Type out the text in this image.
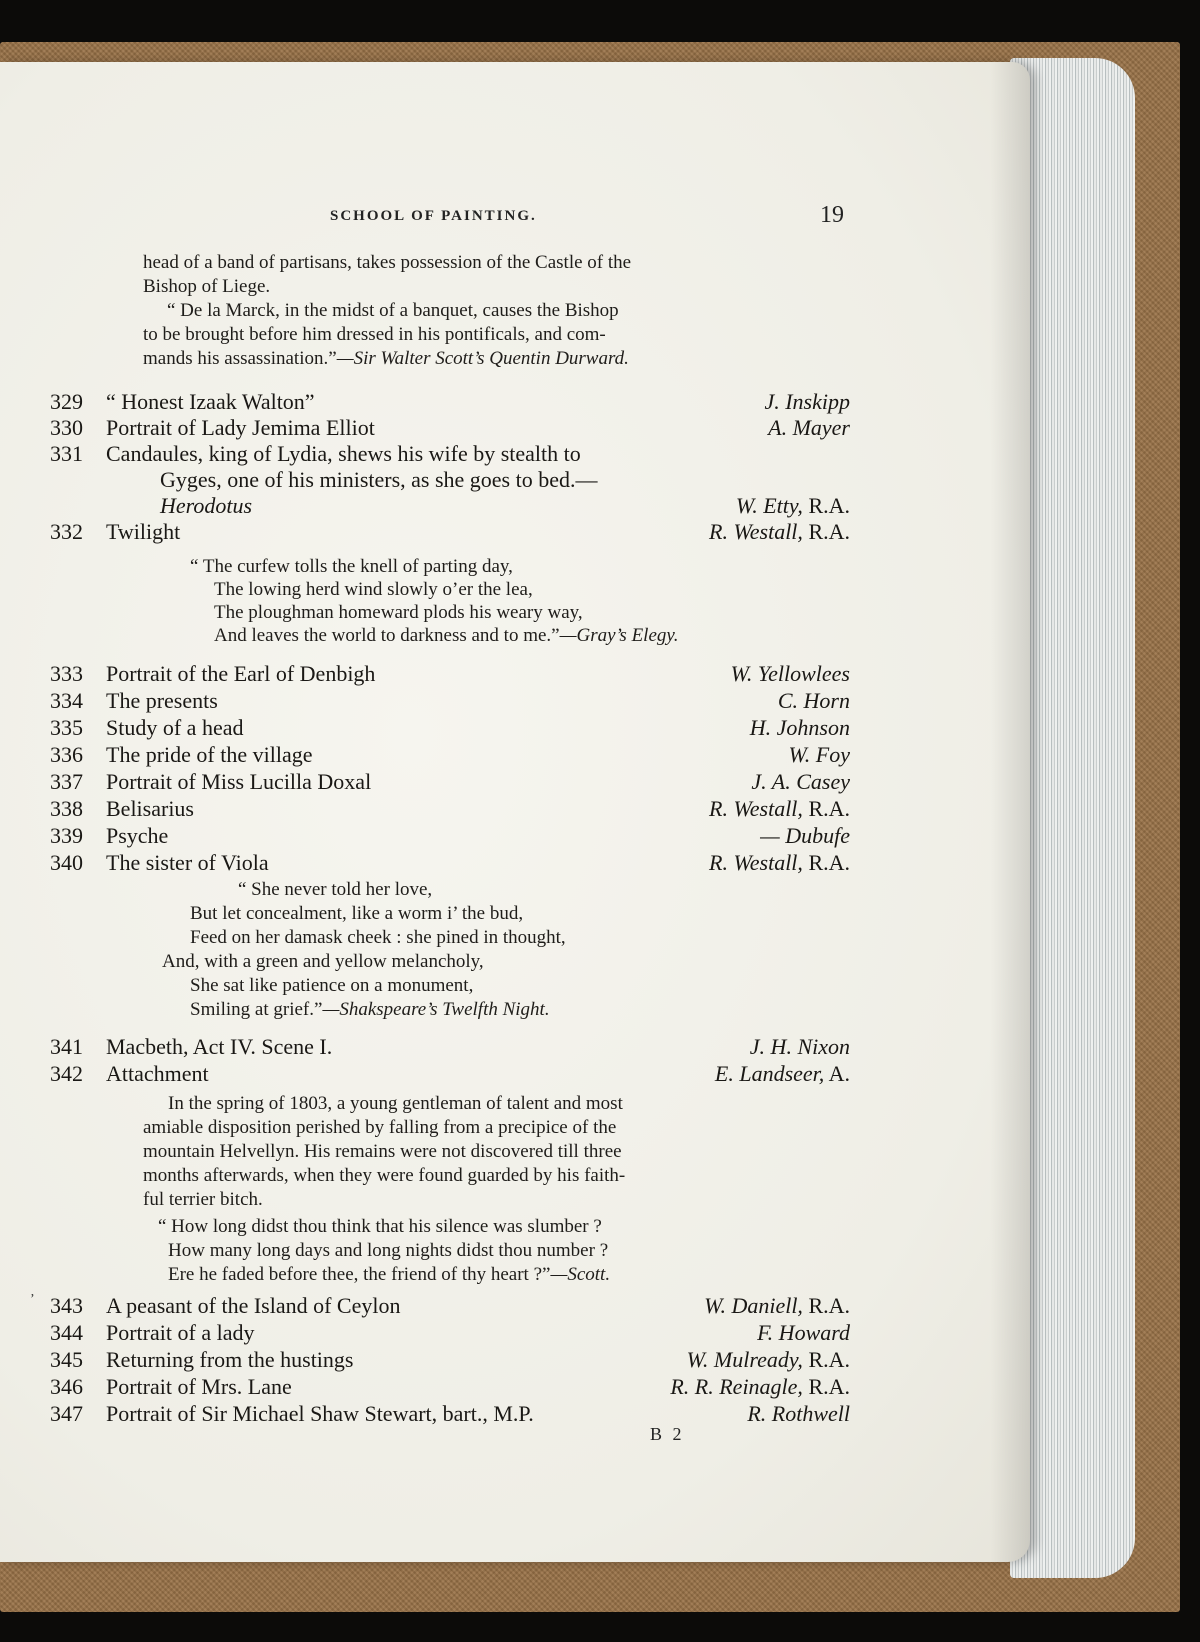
SCHOOL OF PAINTING.	19
head of a band of partisans, takes possession of the Castle of the
Bishop of Liege.
“ De la Marck, in the midst of a banquet, causes the Bishop
to be brought before him dressed in his pontificals, and com-
mands his assassination.”—Sir Walter Scott’s Quentin Durward.
329 “ Honest Izaak Walton”	J. Inskipp
330 Portrait of Lady Jemima Elliot	A. Mayer
331 Candaules, king of Lydia, shews his wife by stealth to
Gyges, one of his ministers, as she goes to bed.—
Herodotus	W. Etty, R.A.
332 Twilight	R. Westall, R.A.
“ The curfew tolls the knell of parting day,
The lowing herd wind slowly o’er the lea,
The ploughman homeward plods his weary way,
And leaves the world to darkness and to me.”—Gray’s Elegy.
333 Portrait of the Earl of Denbigh	W. Yellowlees
334 The presents	C. Horn
335 Study of a head	H. Johnson
336 The pride of the village	W. Foy
337 Portrait of Miss Lucilla Doxal	J. A. Casey
338 Belisarius	R. Westall, R.A.
339 Psyche	— Dubufe
340 The sister of Viola	R. Westall, R.A.
“ She never told her love,
But let concealment, like a worm i’ the bud,
Feed on her damask cheek : she pined in thought,
And, with a green and yellow melancholy,
She sat like patience on a monument,
Smiling at grief.”—Shakspeare’s Twelfth Night.
341 Macbeth, Act IV. Scene I.	J. H. Nixon
342 Attachment	E. Landseer, A.
In the spring of 1803, a young gentleman of talent and most
amiable disposition perished by falling from a precipice of the
mountain Helvellyn. His remains were not discovered till three
months afterwards, when they were found guarded by his faith-
ful terrier bitch.
“ How long didst thou think that his silence was slumber ?
How many long days and long nights didst thou number ?
Ere he faded before thee, the friend of thy heart ?”—Scott.
’ 343 A peasant of the Island of Ceylon	W. Daniell, R.A.
344 Portrait of a lady	F. Howard
345 Returning from the hustings	W. Mulready, R.A.
346 Portrait of Mrs. Lane	R. R. Reinagle, R.A.
347 Portrait of Sir Michael Shaw Stewart, bart., M.P.	R. Rothwell
B 2
